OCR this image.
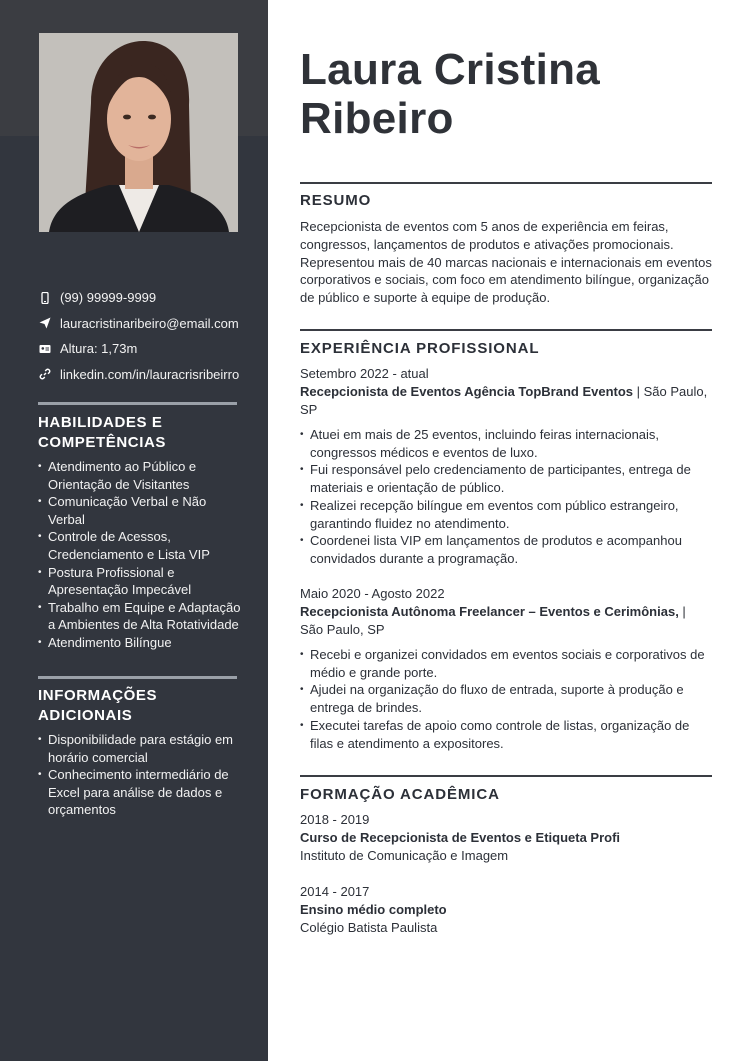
(99) 99999-9999
lauracristinaribeiro@email.com
Altura: 1,73m
linkedin.com/in/lauracrisribeirro
HABILIDADES E COMPETÊNCIAS
• Atendimento ao Público e Orientação de Visitantes
• Comunicação Verbal e Não Verbal
• Controle de Acessos, Credenciamento e Lista VIP
• Postura Profissional e Apresentação Impecável
• Trabalho em Equipe e Adaptação a Ambientes de Alta Rotatividade
• Atendimento Bilíngue
INFORMAÇÕES ADICIONAIS
• Disponibilidade para estágio em horário comercial
• Conhecimento intermediário de Excel para análise de dados e orçamentos
Laura Cristina Ribeiro
RESUMO
Recepcionista de eventos com 5 anos de experiência em feiras, congressos, lançamentos de produtos e ativações promocionais. Representou mais de 40 marcas nacionais e internacionais em eventos corporativos e sociais, com foco em atendimento bilíngue, organização de público e suporte à equipe de produção.
EXPERIÊNCIA PROFISSIONAL
Setembro 2022 - atual
Recepcionista de Eventos Agência TopBrand Eventos | São Paulo, SP
• Atuei em mais de 25 eventos, incluindo feiras internacionais, congressos médicos e eventos de luxo.
• Fui responsável pelo credenciamento de participantes, entrega de materiais e orientação de público.
• Realizei recepção bilíngue em eventos com público estrangeiro, garantindo fluidez no atendimento.
• Coordenei lista VIP em lançamentos de produtos e acompanhou convidados durante a programação.
Maio 2020 - Agosto 2022
Recepcionista Autônoma Freelancer – Eventos e Cerimônias, | São Paulo, SP
• Recebi e organizei convidados em eventos sociais e corporativos de médio e grande porte.
• Ajudei na organização do fluxo de entrada, suporte à produção e entrega de brindes.
• Executei tarefas de apoio como controle de listas, organização de filas e atendimento a expositores.
FORMAÇÃO ACADÊMICA
2018 - 2019
Curso de Recepcionista de Eventos e Etiqueta Profi
Instituto de Comunicação e Imagem
2014 - 2017
Ensino médio completo
Colégio Batista Paulista
